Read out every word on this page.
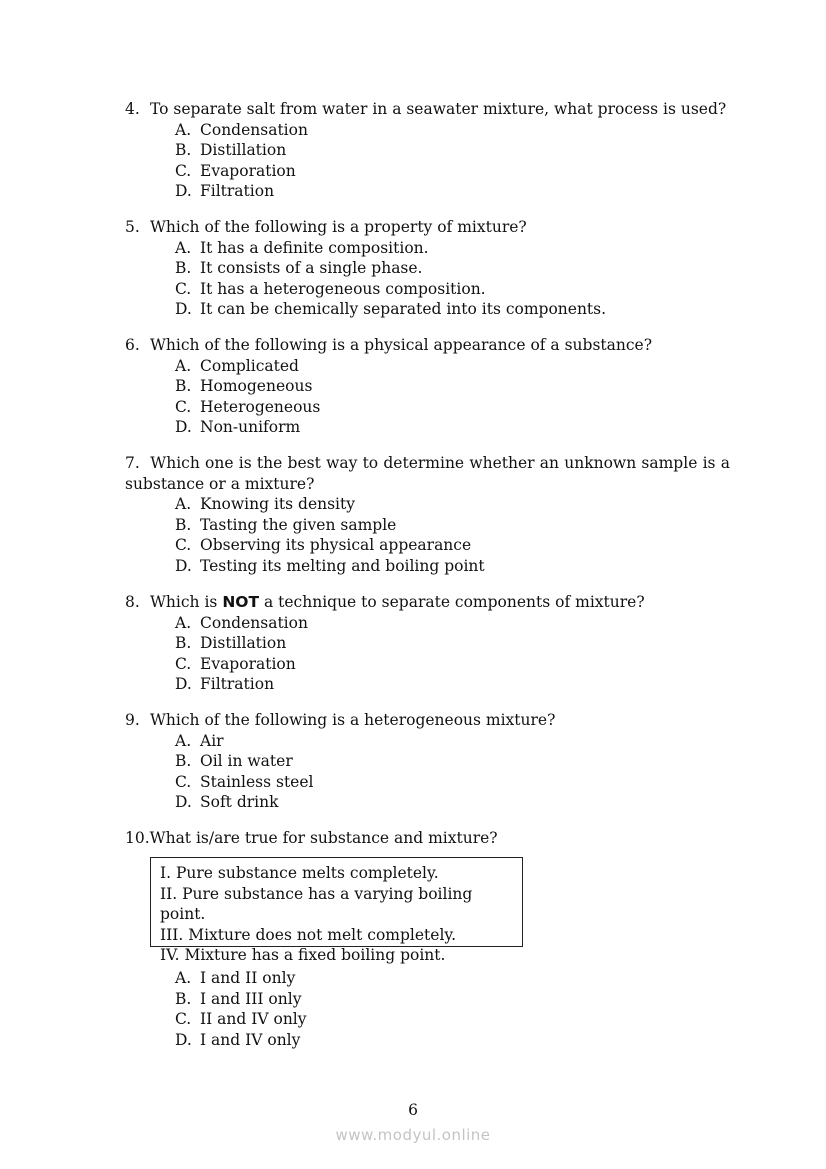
4. To separate salt from water in a seawater mixture, what process is used?
A. Condensation
B. Distillation
C. Evaporation
D. Filtration
5. Which of the following is a property of mixture?
A. It has a definite composition.
B. It consists of a single phase.
C. It has a heterogeneous composition.
D. It can be chemically separated into its components.
6. Which of the following is a physical appearance of a substance?
A. Complicated
B. Homogeneous
C. Heterogeneous
D. Non-uniform
7. Which one is the best way to determine whether an unknown sample is a substance or a mixture?
A. Knowing its density
B. Tasting the given sample
C. Observing its physical appearance
D. Testing its melting and boiling point
8. Which is NOT a technique to separate components of mixture?
A. Condensation
B. Distillation
C. Evaporation
D. Filtration
9. Which of the following is a heterogeneous mixture?
A. Air
B. Oil in water
C. Stainless steel
D. Soft drink
10.What is/are true for substance and mixture?
I. Pure substance melts completely.
II. Pure substance has a varying boiling point.
III. Mixture does not melt completely.
IV. Mixture has a fixed boiling point.
A. I and II only
B. I and III only
C. II and IV only
D. I and IV only
6
www.modyul.online
